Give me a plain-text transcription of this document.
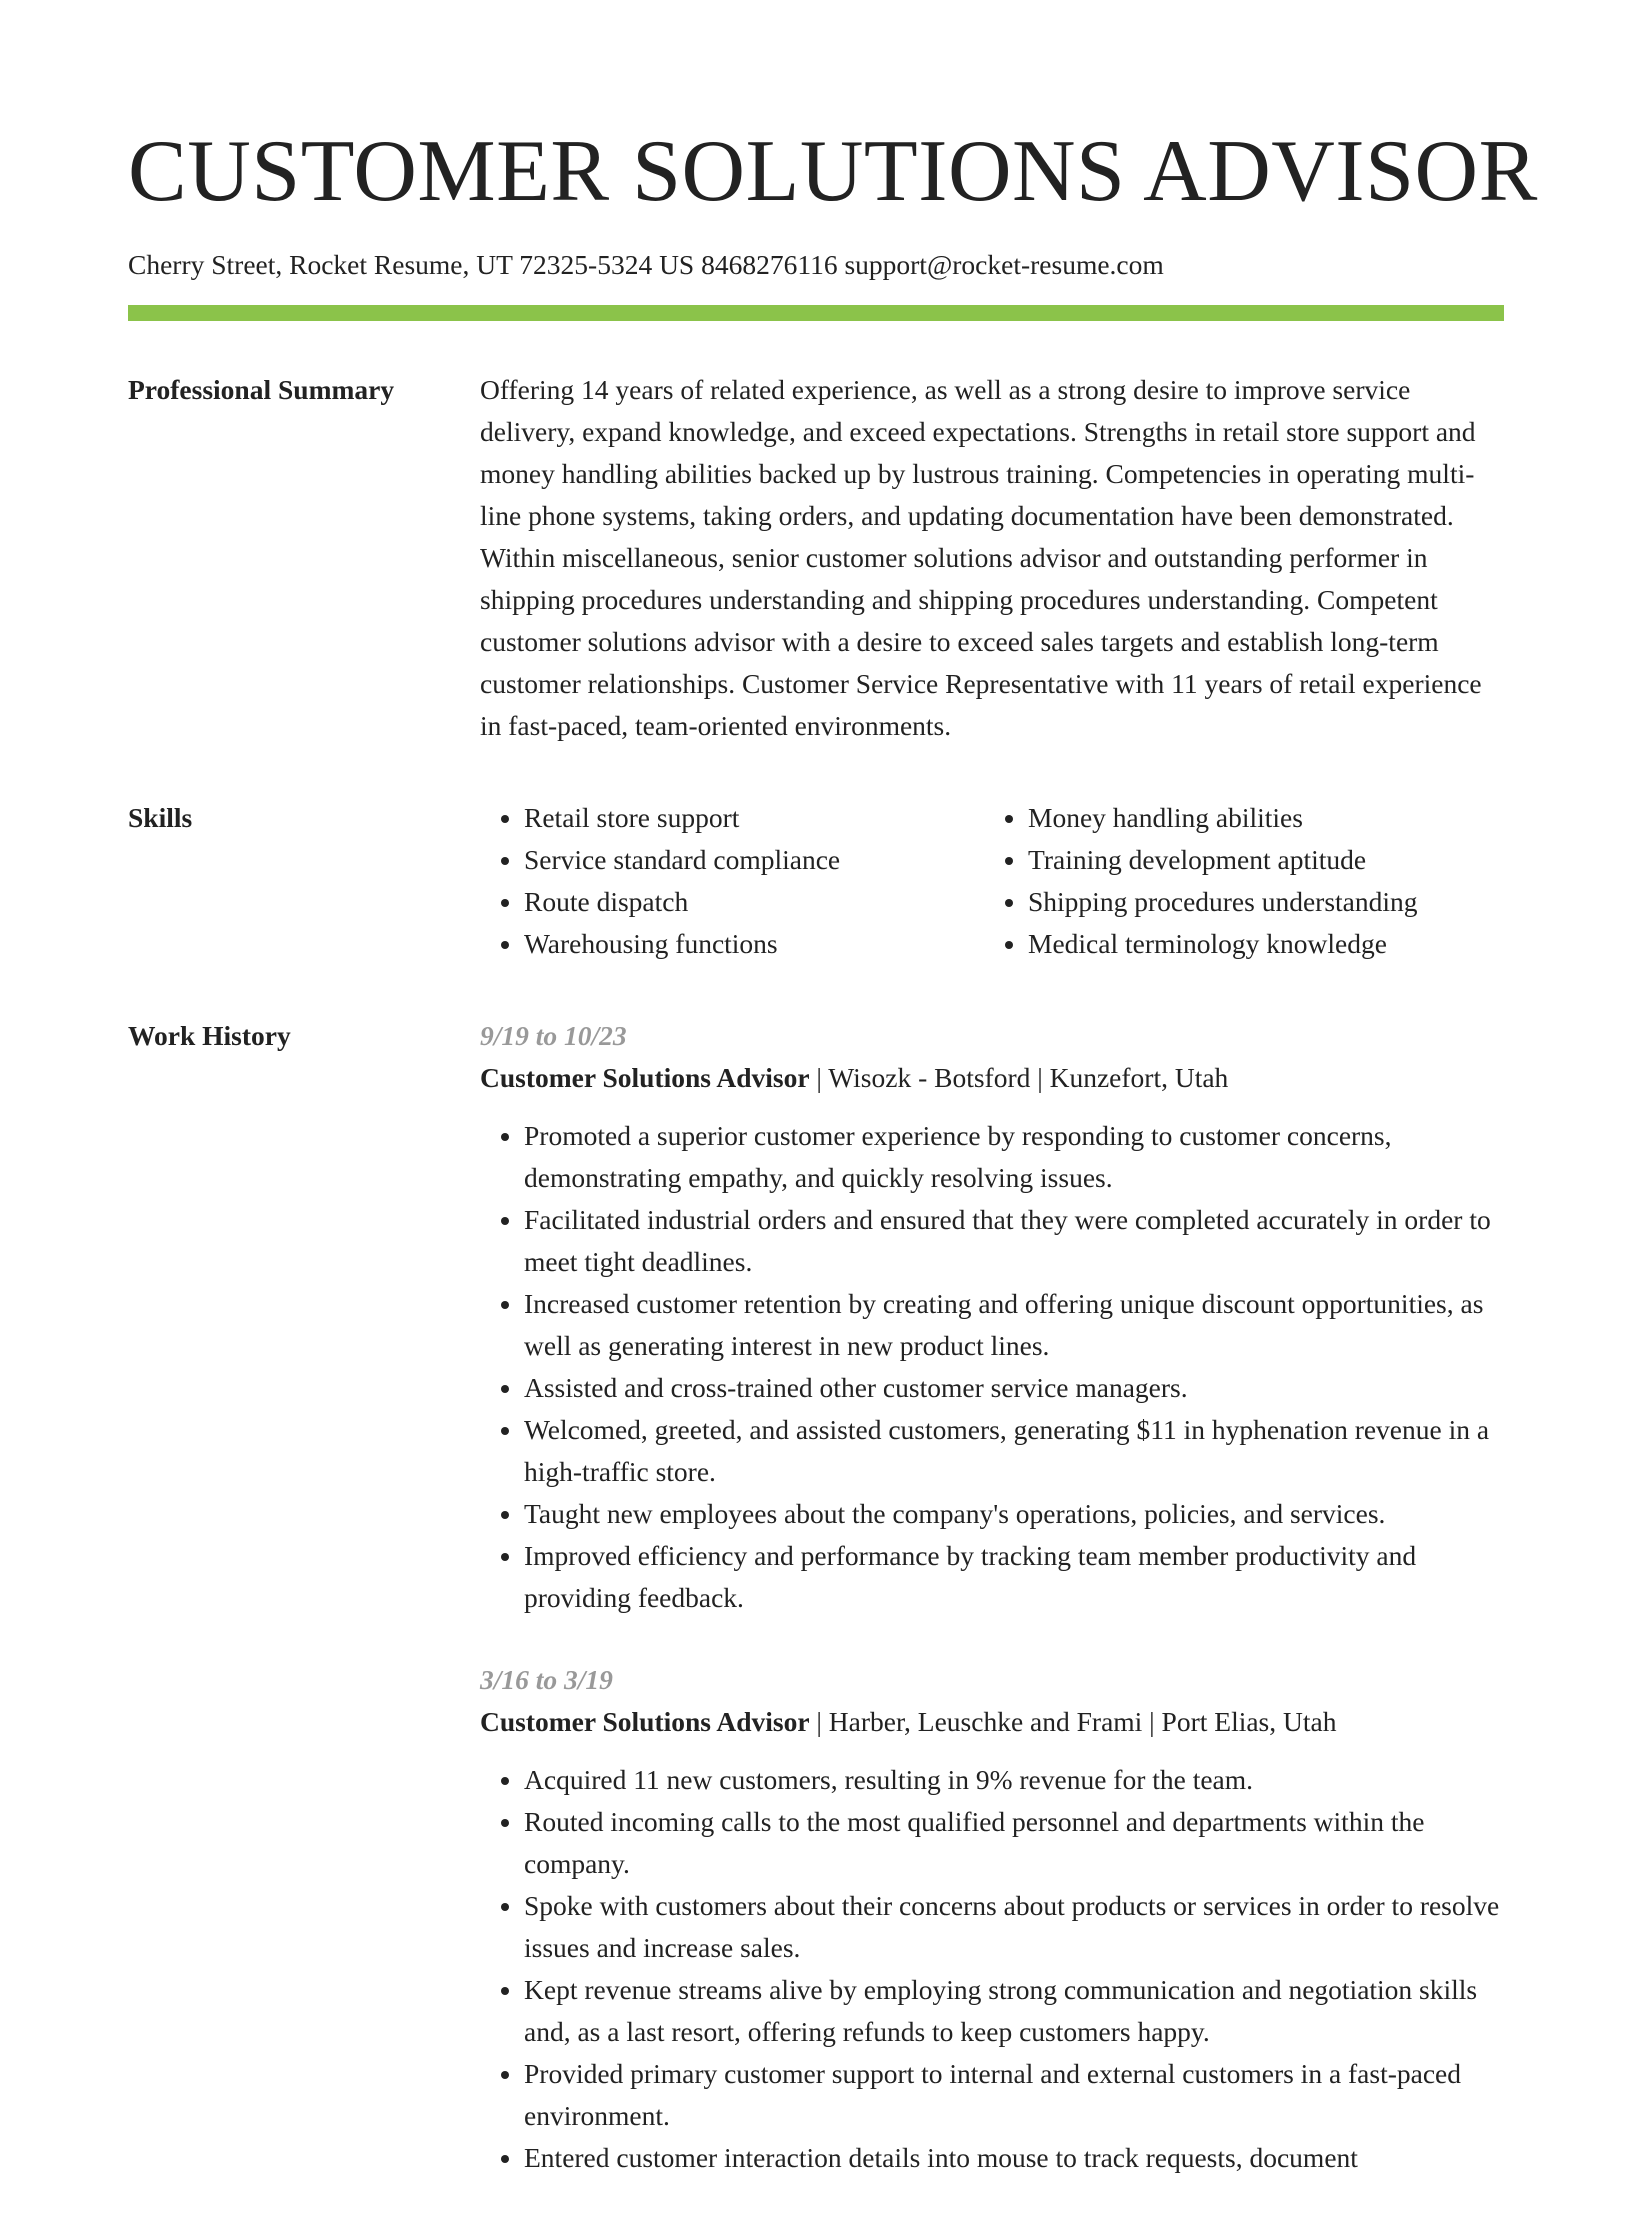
CUSTOMER SOLUTIONS ADVISOR
Cherry Street, Rocket Resume, UT 72325-5324 US 8468276116 support@rocket-resume.com
Professional Summary	Offering 14 years of related experience, as well as a strong desire to improve service delivery, expand knowledge, and exceed expectations. Strengths in retail store support and money handling abilities backed up by lustrous training. Competencies in operating multi-line phone systems, taking orders, and updating documentation have been demonstrated. Within miscellaneous, senior customer solutions advisor and outstanding performer in shipping procedures understanding and shipping procedures understanding. Competent customer solutions advisor with a desire to exceed sales targets and establish long-term customer relationships. Customer Service Representative with 11 years of retail experience in fast-paced, team-oriented environments.

Skills
•	Retail store support
• Service standard compliance
• Route dispatch
• Warehousing functions
• Money handling abilities
• Training development aptitude
• Shipping procedures understanding
• Medical terminology knowledge
Work History	9/19 to 10/23
Customer Solutions Advisor | Wisozk - Botsford | Kunzefort, Utah
• Promoted a superior customer experience by responding to customer concerns, demonstrating empathy, and quickly resolving issues.
• Facilitated industrial orders and ensured that they were completed accurately in order to meet tight deadlines.
• Increased customer retention by creating and offering unique discount opportunities, as well as generating interest in new product lines.
• Assisted and cross-trained other customer service managers.
• Welcomed, greeted, and assisted customers, generating $11 in hyphenation revenue in a high-traffic store.
• Taught new employees about the company's operations, policies, and services.
• Improved efficiency and performance by tracking team member productivity and providing feedback.
3/16 to 3/19
Customer Solutions Advisor | Harber, Leuschke and Frami | Port Elias, Utah
• Acquired 11 new customers, resulting in 9% revenue for the team.
• Routed incoming calls to the most qualified personnel and departments within the company.
• Spoke with customers about their concerns about products or services in order to resolve issues and increase sales.
• Kept revenue streams alive by employing strong communication and negotiation skills and, as a last resort, offering refunds to keep customers happy.
• Provided primary customer support to internal and external customers in a fast-paced environment.
• Entered customer interaction details into mouse to track requests, document
